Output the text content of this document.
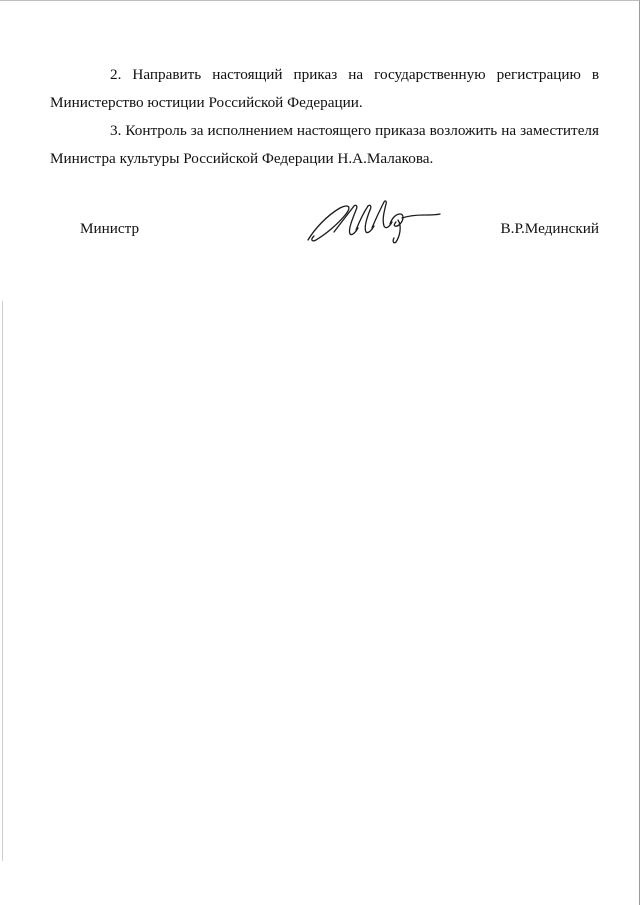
2. Направить настоящий приказ на государственную регистрацию в
Министерство юстиции Российской Федерации.

3. Контроль за исполнением настоящего приказа возложить на заместителя
Министра культуры Российской Федерации Н.А.Малакова.

Министр	В.Р.Мединский
